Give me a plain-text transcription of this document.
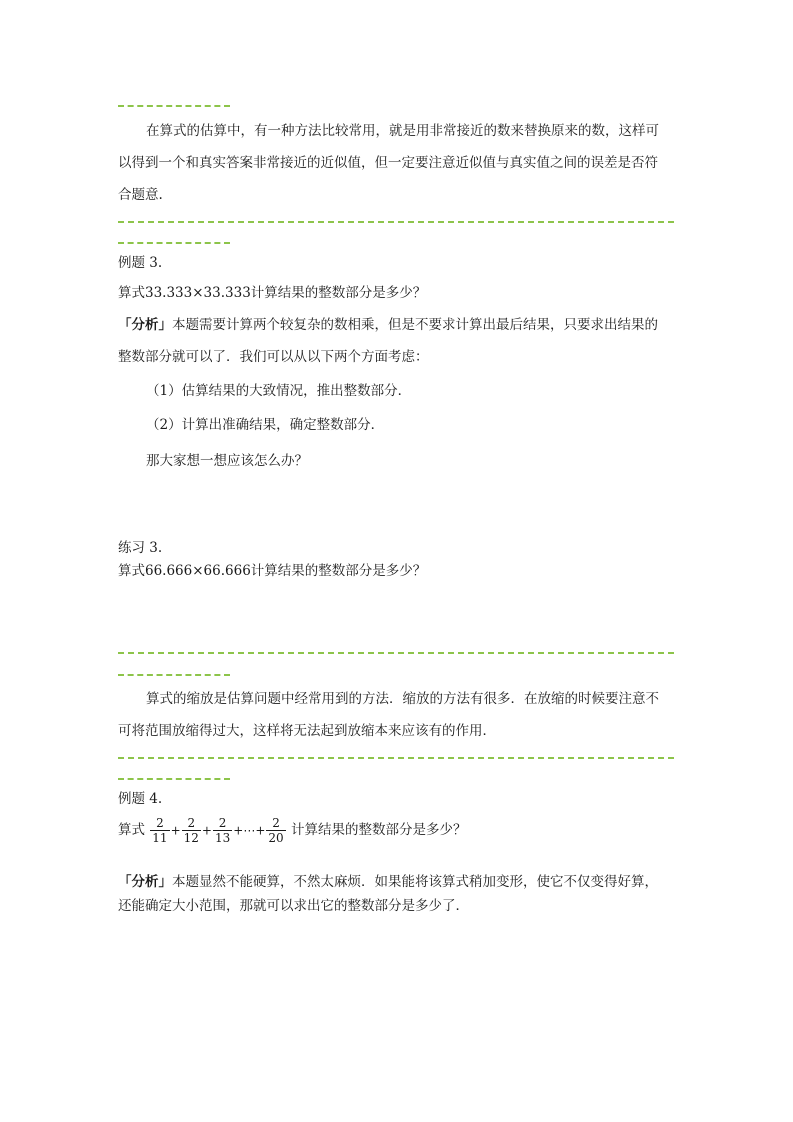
在算式的估算中，有一种方法比较常用，就是用非常接近的数来替换原来的数，这样可
以得到一个和真实答案非常接近的近似值，但一定要注意近似值与真实值之间的误差是否符
合题意.
例题 3.
算式33.333×33.333计算结果的整数部分是多少？
「分析」本题需要计算两个较复杂的数相乘，但是不要求计算出最后结果，只要求出结果的
整数部分就可以了．我们可以从以下两个方面考虑：
（1）估算结果的大致情况，推出整数部分．
（2）计算出准确结果，确定整数部分．
那大家想一想应该怎么办？
练习 3.
算式66.666×66.666计算结果的整数部分是多少？
算式的缩放是估算问题中经常用到的方法．缩放的方法有很多．在放缩的时候要注意不
可将范围放缩得过大，这样将无法起到放缩本来应该有的作用．
例题 4.
算式 $\frac{2}{11} + \frac{2}{12} + \frac{2}{13}$ +⋯+ $\frac{2}{20}$ 计算结果的整数部分是多少？
「分析」本题显然不能硬算，不然太麻烦．如果能将该算式稍加变形，使它不仅变得好算，
还能确定大小范围，那就可以求出它的整数部分是多少了．
